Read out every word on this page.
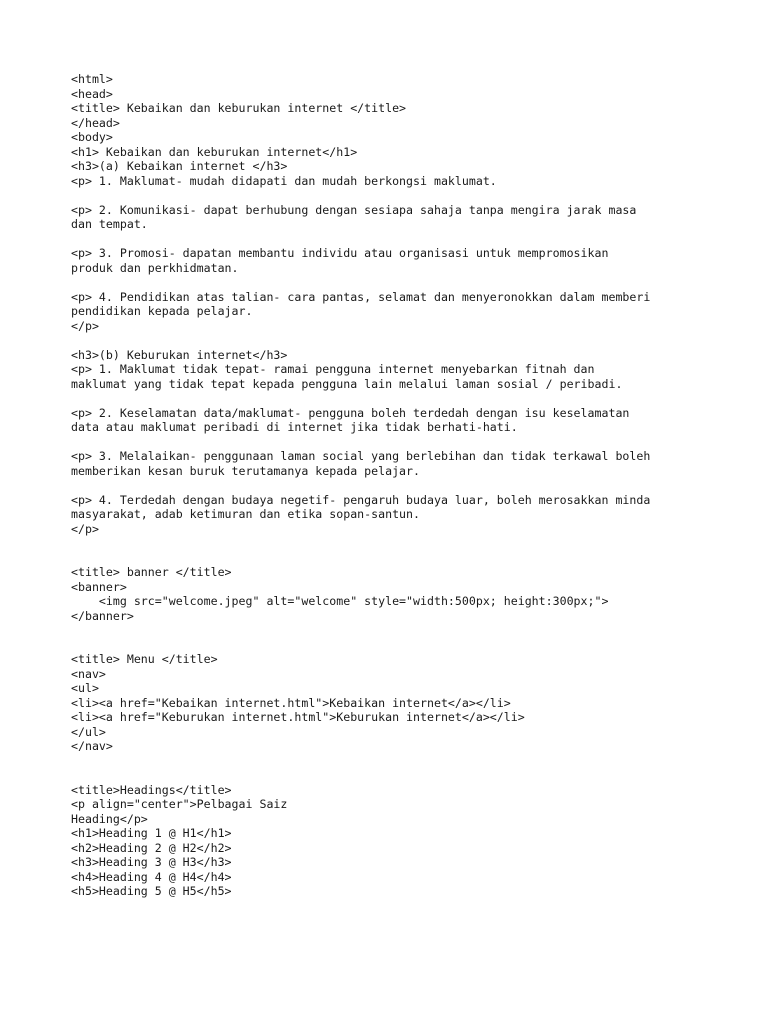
<html>
<head>
<title> Kebaikan dan keburukan internet </title>
</head>
<body>
<h1> Kebaikan dan keburukan internet</h1>
<h3>(a) Kebaikan internet </h3>
<p> 1. Maklumat- mudah didapati dan mudah berkongsi maklumat.
<p> 2. Komunikasi- dapat berhubung dengan sesiapa sahaja tanpa mengira jarak masa
dan tempat.
<p> 3. Promosi- dapatan membantu individu atau organisasi untuk mempromosikan
produk dan perkhidmatan.
<p> 4. Pendidikan atas talian- cara pantas, selamat dan menyeronokkan dalam memberi
pendidikan kepada pelajar.
</p>
<h3>(b) Keburukan internet</h3>
<p> 1. Maklumat tidak tepat- ramai pengguna internet menyebarkan fitnah dan
maklumat yang tidak tepat kepada pengguna lain melalui laman sosial / peribadi.
<p> 2. Keselamatan data/maklumat- pengguna boleh terdedah dengan isu keselamatan
data atau maklumat peribadi di internet jika tidak berhati-hati.
<p> 3. Melalaikan- penggunaan laman social yang berlebihan dan tidak terkawal boleh
memberikan kesan buruk terutamanya kepada pelajar.
<p> 4. Terdedah dengan budaya negetif- pengaruh budaya luar, boleh merosakkan minda
masyarakat, adab ketimuran dan etika sopan-santun.
</p>
<title> banner </title>
<banner>
<img src="welcome.jpeg" alt="welcome" style="width:500px; height:300px;">
</banner>
<title> Menu </title>
<nav>
<ul>
<li><a href="Kebaikan internet.html">Kebaikan internet</a></li>
<li><a href="Keburukan internet.html">Keburukan internet</a></li>
</ul>
</nav>
<title>Headings</title>
<p align="center">Pelbagai Saiz
Heading</p>
<h1>Heading 1 @ H1</h1>
<h2>Heading 2 @ H2</h2>
<h3>Heading 3 @ H3</h3>
<h4>Heading 4 @ H4</h4>
<h5>Heading 5 @ H5</h5>
